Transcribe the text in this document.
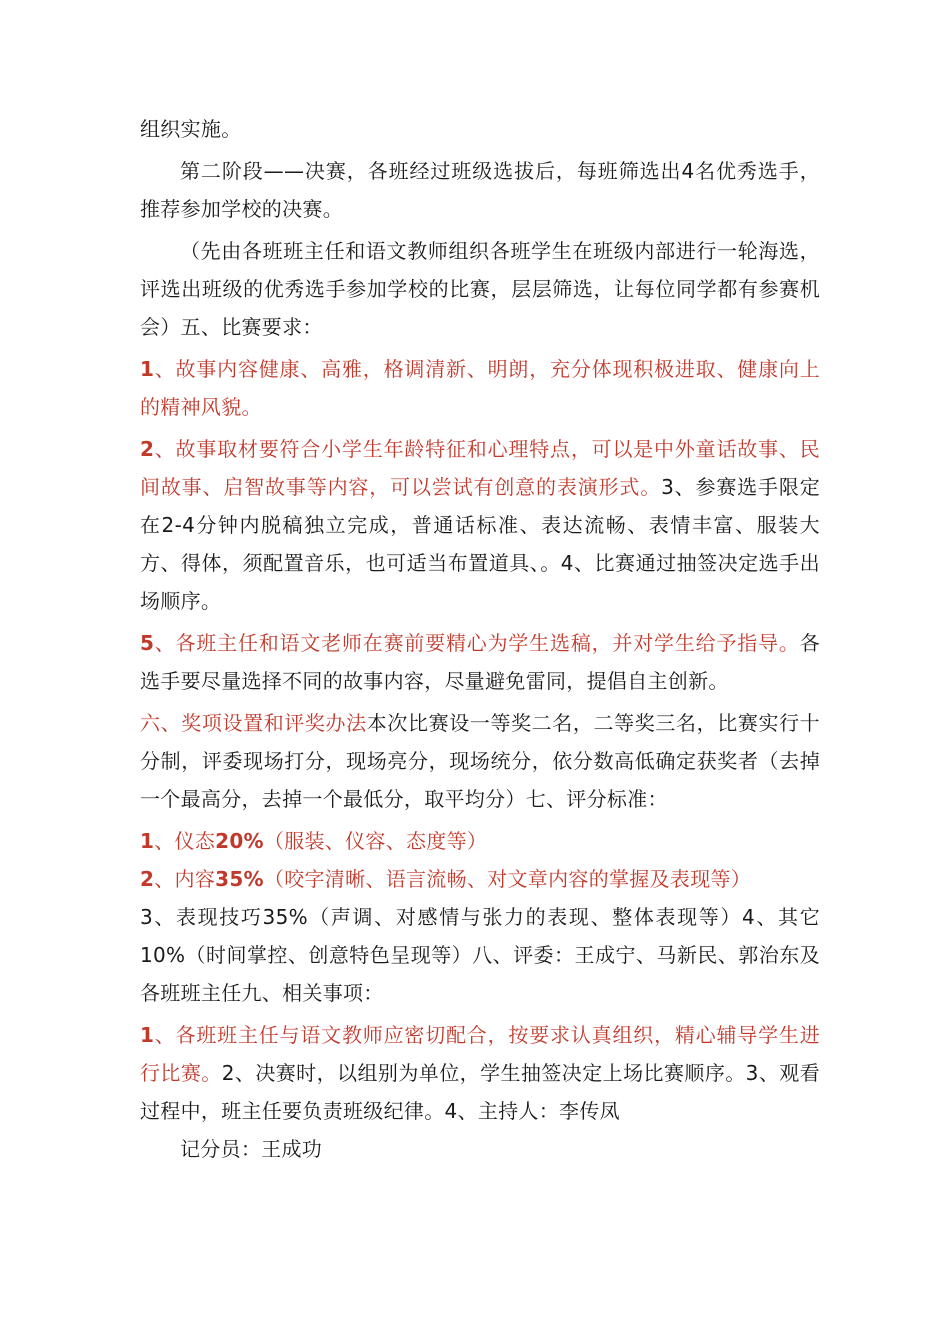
组织实施。

第二阶段——决赛，各班经过班级选拔后，每班筛选出4名优秀选手，推荐参加学校的决赛。

（先由各班班主任和语文教师组织各班学生在班级内部进行一轮海选，评选出班级的优秀选手参加学校的比赛，层层筛选，让每位同学都有参赛机会）五、比赛要求：

1、故事内容健康、高雅，格调清新、明朗，充分体现积极进取、健康向上的精神风貌。

2、故事取材要符合小学生年龄特征和心理特点，可以是中外童话故事、民间故事、启智故事等内容，可以尝试有创意的表演形式。3、参赛选手限定在2-4分钟内脱稿独立完成，普通话标准、表达流畅、表情丰富、服装大方、得体，须配置音乐，也可适当布置道具、。4、比赛通过抽签决定选手出场顺序。

5、各班主任和语文老师在赛前要精心为学生选稿，并对学生给予指导。各选手要尽量选择不同的故事内容，尽量避免雷同，提倡自主创新。

六、奖项设置和评奖办法本次比赛设一等奖二名，二等奖三名，比赛实行十分制，评委现场打分，现场亮分，现场统分，依分数高低确定获奖者（去掉一个最高分，去掉一个最低分，取平均分）七、评分标准：

1、仪态20%（服装、仪容、态度等）

2、内容35%（咬字清晰、语言流畅、对文章内容的掌握及表现等）

3、表现技巧35%（声调、对感情与张力的表现、整体表现等）4、其它10%（时间掌控、创意特色呈现等）八、评委：王成宁、马新民、郭治东及各班班主任九、相关事项：

1、各班班主任与语文教师应密切配合，按要求认真组织，精心辅导学生进行比赛。2、决赛时，以组别为单位，学生抽签决定上场比赛顺序。3、观看过程中，班主任要负责班级纪律。4、主持人：李传凤

记分员：王成功
